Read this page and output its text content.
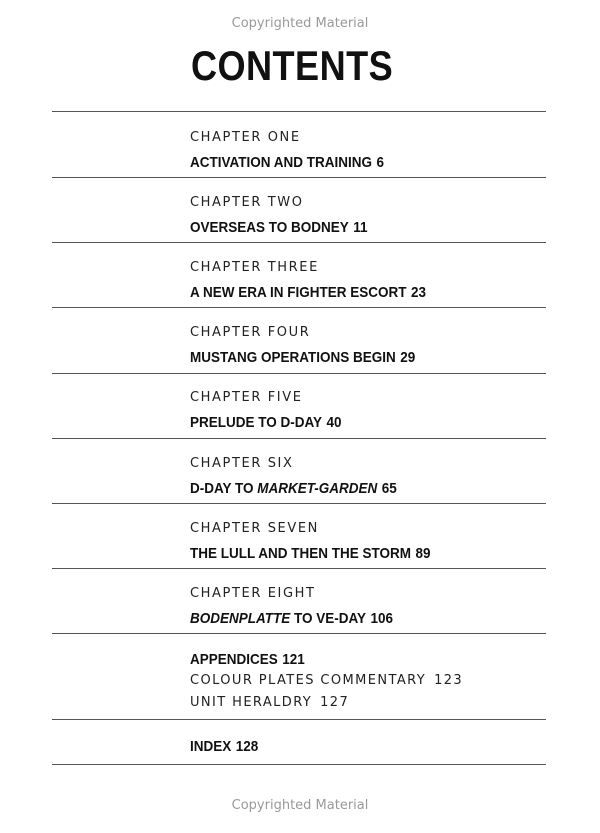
Copyrighted Material
CONTENTS
CHAPTER ONE
ACTIVATION AND TRAINING 6
CHAPTER TWO
OVERSEAS TO BODNEY 11
CHAPTER THREE
A NEW ERA IN FIGHTER ESCORT 23
CHAPTER FOUR
MUSTANG OPERATIONS BEGIN 29
CHAPTER FIVE
PRELUDE TO D-DAY 40
CHAPTER SIX
D-DAY TO MARKET-GARDEN 65
CHAPTER SEVEN
THE LULL AND THEN THE STORM 89
CHAPTER EIGHT
BODENPLATTE TO VE-DAY 106
APPENDICES 121
COLOUR PLATES COMMENTARY 123
UNIT HERALDRY 127
INDEX 128
Copyrighted Material
